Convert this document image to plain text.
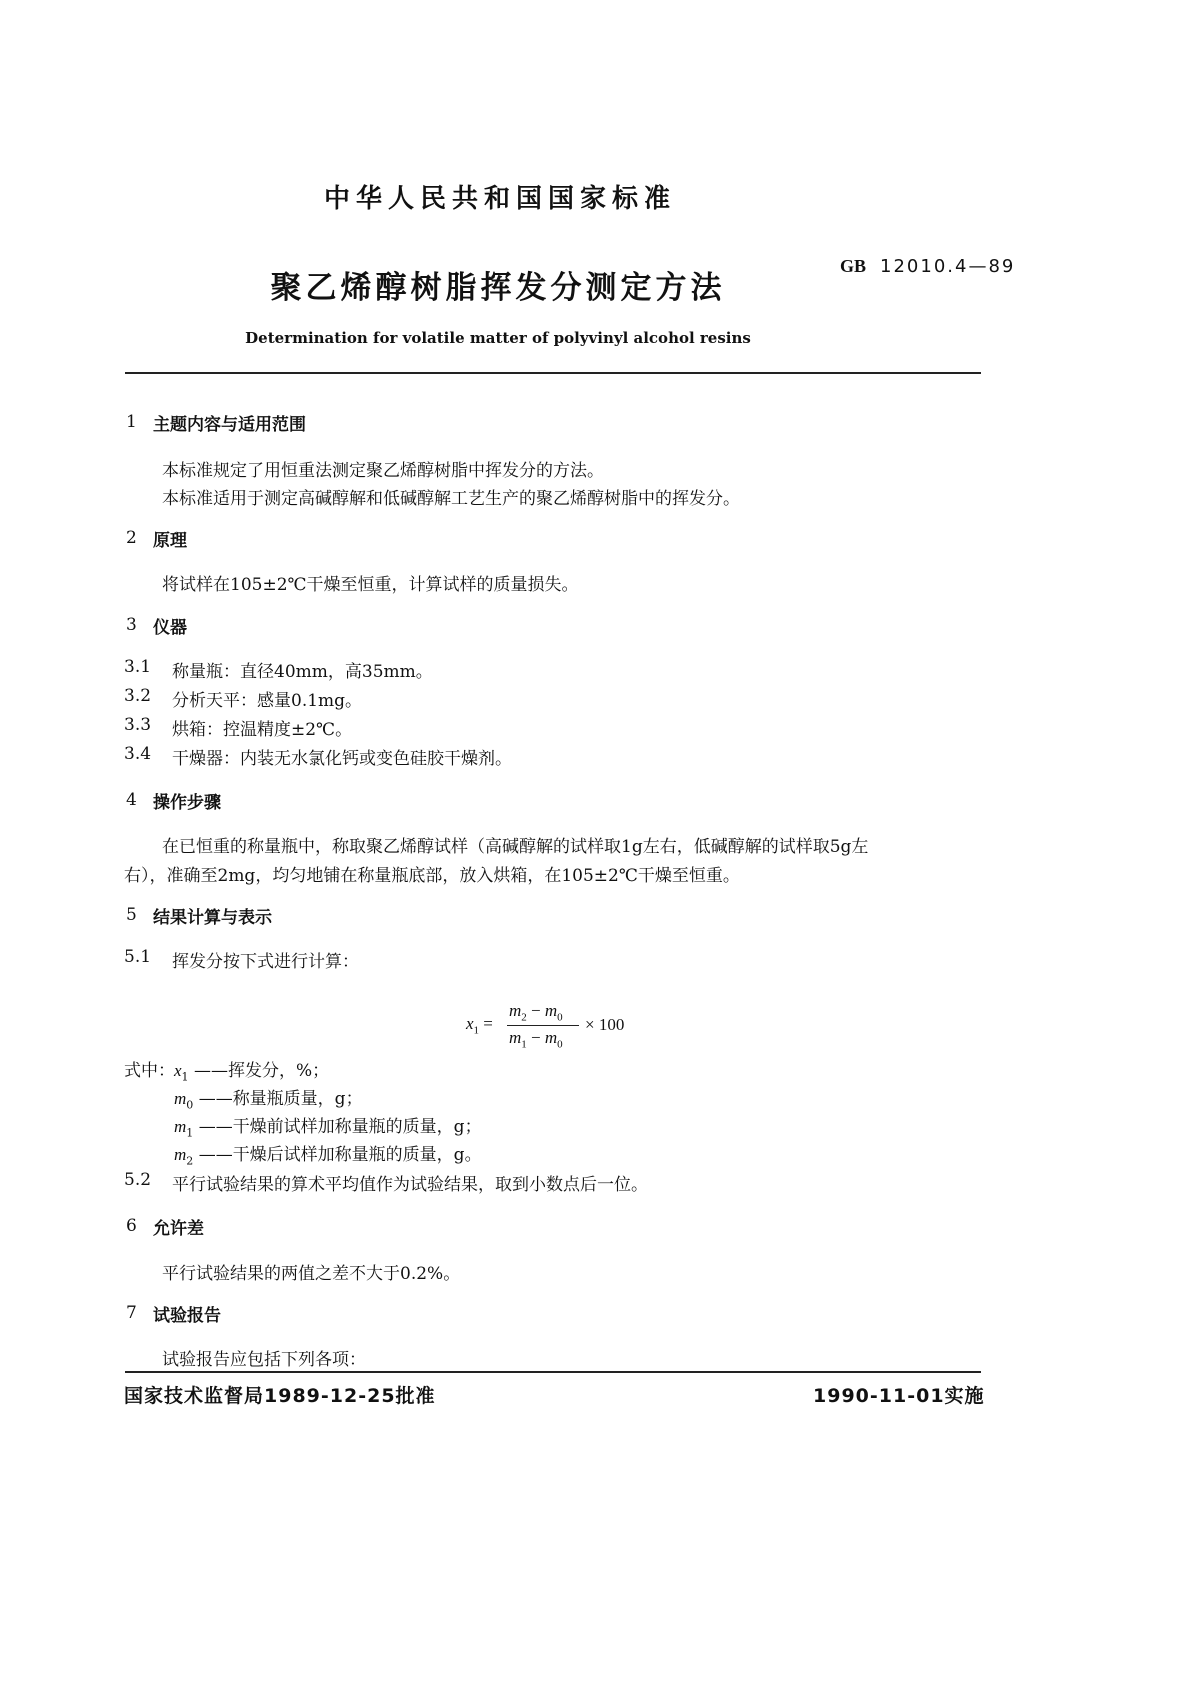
中华人民共和国国家标准
聚乙烯醇树脂挥发分测定方法
GB 12010.4—89
Determination for volatile matter of polyvinyl alcohol resins
1 主题内容与适用范围
本标准规定了用恒重法测定聚乙烯醇树脂中挥发分的方法。
本标准适用于测定高碱醇解和低碱醇解工艺生产的聚乙烯醇树脂中的挥发分。
2 原理
将试样在105±2℃干燥至恒重，计算试样的质量损失。
3 仪器
3.1 称量瓶：直径40mm，高35mm。
3.2 分析天平：感量0.1mg。
3.3 烘箱：控温精度±2℃。
3.4 干燥器：内装无水氯化钙或变色硅胶干燥剂。
4 操作步骤
在已恒重的称量瓶中，称取聚乙烯醇试样（高碱醇解的试样取1g左右，低碱醇解的试样取5g左
右），准确至2mg，均匀地铺在称量瓶底部，放入烘箱，在105±2℃干燥至恒重。
5 结果计算与表示
5.1 挥发分按下式进行计算：
$x_1$ =
$m_2 - m_0$
$m_1 - m_0$
× 100
式中： $x_1$ ——挥发分，%；
$m_0$ ——称量瓶质量，g；
$m_1$ ——干燥前试样加称量瓶的质量，g；
$m_2$ ——干燥后试样加称量瓶的质量，g。
5.2 平行试验结果的算术平均值作为试验结果，取到小数点后一位。
6 允许差
平行试验结果的两值之差不大于0.2%。
7 试验报告
试验报告应包括下列各项：
国家技术监督局1989-12-25批准	1990-11-01实施
